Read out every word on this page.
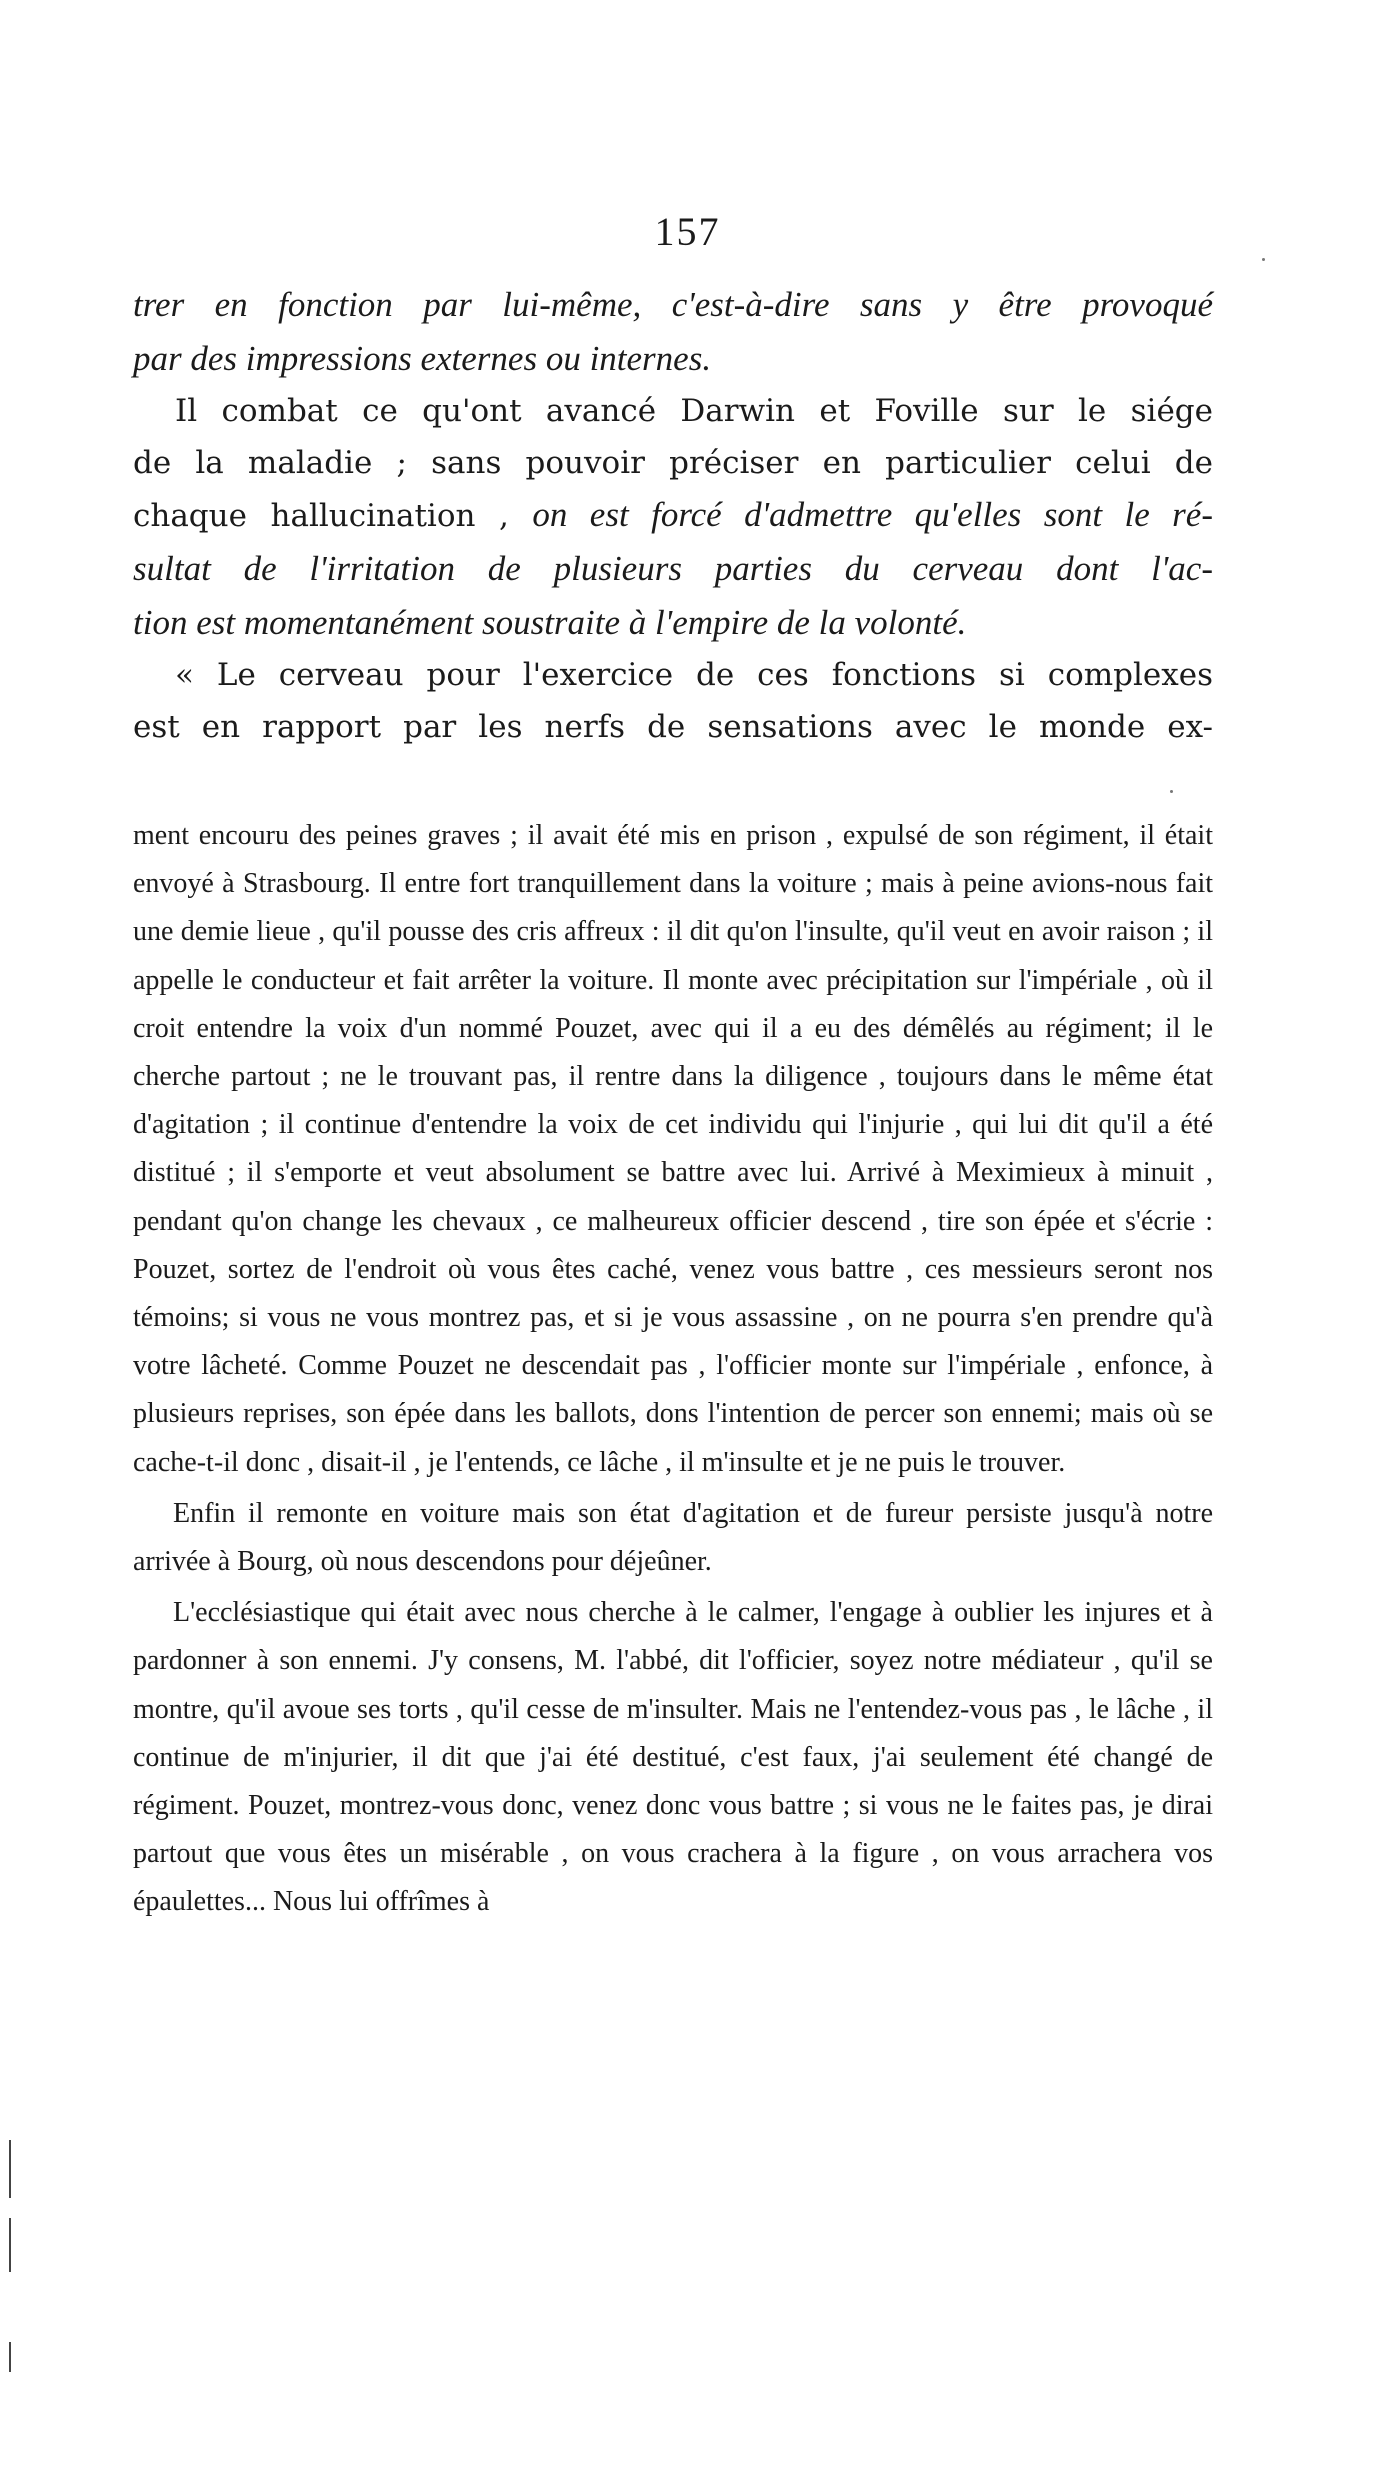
157

trer en fonction par lui-même, c'est-à-dire sans y être provoqué

par des impressions externes ou internes.

Il combat ce qu'ont avancé Darwin et Foville sur le siége

de la maladie ; sans pouvoir préciser en particulier celui de

chaque hallucination , on est forcé d'admettre qu'elles sont le ré-

sultat de l'irritation de plusieurs parties du cerveau dont l'ac-

tion est momentanément soustraite à l'empire de la volonté.

« Le cerveau pour l'exercice de ces fonctions si complexes

est en rapport par les nerfs de sensations avec le monde ex-

ment encouru des peines graves ; il avait été mis en prison , expulsé de son régiment, il était envoyé à Strasbourg. Il entre fort tranquillement dans la voiture ; mais à peine avions-nous fait une demie lieue , qu'il pousse des cris affreux : il dit qu'on l'insulte, qu'il veut en avoir raison ; il appelle le conducteur et fait arrêter la voiture. Il monte avec précipitation sur l'impériale , où il croit entendre la voix d'un nommé Pouzet, avec qui il a eu des démêlés au régiment; il le cherche partout ; ne le trouvant pas, il rentre dans la diligence , toujours dans le même état d'agitation ; il continue d'entendre la voix de cet individu qui l'injurie , qui lui dit qu'il a été distitué ; il s'emporte et veut absolument se battre avec lui. Arrivé à Meximieux à minuit , pendant qu'on change les chevaux , ce malheureux officier descend , tire son épée et s'écrie : Pouzet, sortez de l'endroit où vous êtes caché, venez vous battre , ces messieurs seront nos témoins; si vous ne vous montrez pas, et si je vous assassine , on ne pourra s'en prendre qu'à votre lâcheté. Comme Pouzet ne descendait pas , l'officier monte sur l'impériale , enfonce, à plusieurs reprises, son épée dans les ballots, dons l'intention de percer son ennemi; mais où se cache-t-il donc , disait-il , je l'entends, ce lâche , il m'insulte et je ne puis le trouver.

Enfin il remonte en voiture mais son état d'agitation et de fureur persiste jusqu'à notre arrivée à Bourg, où nous descendons pour déjeûner.

L'ecclésiastique qui était avec nous cherche à le calmer, l'engage à oublier les injures et à pardonner à son ennemi. J'y consens, M. l'abbé, dit l'officier, soyez notre médiateur , qu'il se montre, qu'il avoue ses torts , qu'il cesse de m'insulter. Mais ne l'entendez-vous pas , le lâche , il continue de m'injurier, il dit que j'ai été destitué, c'est faux, j'ai seulement été changé de régiment. Pouzet, montrez-vous donc, venez donc vous battre ; si vous ne le faites pas, je dirai partout que vous êtes un misérable , on vous crachera à la figure , on vous arrachera vos épaulettes... Nous lui offrîmes à
